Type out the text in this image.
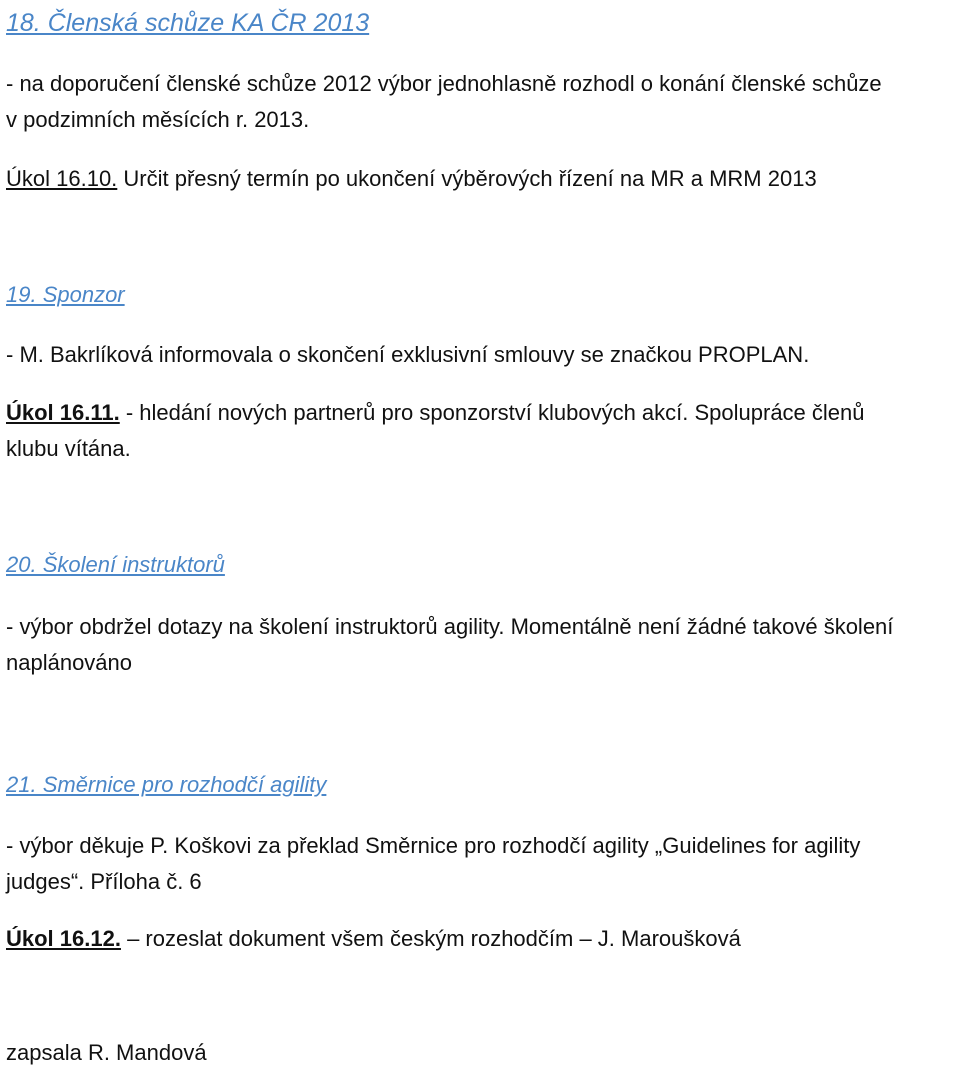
18. Členská schůze KA ČR 2013
- na doporučení členské schůze 2012 výbor jednohlasně rozhodl o konání členské schůze
v podzimních měsících r. 2013.
Úkol 16.10. Určit přesný termín po ukončení výběrových řízení na MR a MRM 2013
19. Sponzor
- M. Bakrlíková informovala o skončení exklusivní smlouvy se značkou PROPLAN.
Úkol 16.11. - hledání nových partnerů pro sponzorství klubových akcí. Spolupráce členů
klubu vítána.
20. Školení instruktorů
- výbor obdržel dotazy na školení instruktorů agility. Momentálně není žádné takové školení
naplánováno
21. Směrnice pro rozhodčí agility
- výbor děkuje P. Koškovi za překlad Směrnice pro rozhodčí agility „Guidelines for agility
judges“. Příloha č. 6
Úkol 16.12. – rozeslat dokument všem českým rozhodčím – J. Maroušková
zapsala R. Mandová
